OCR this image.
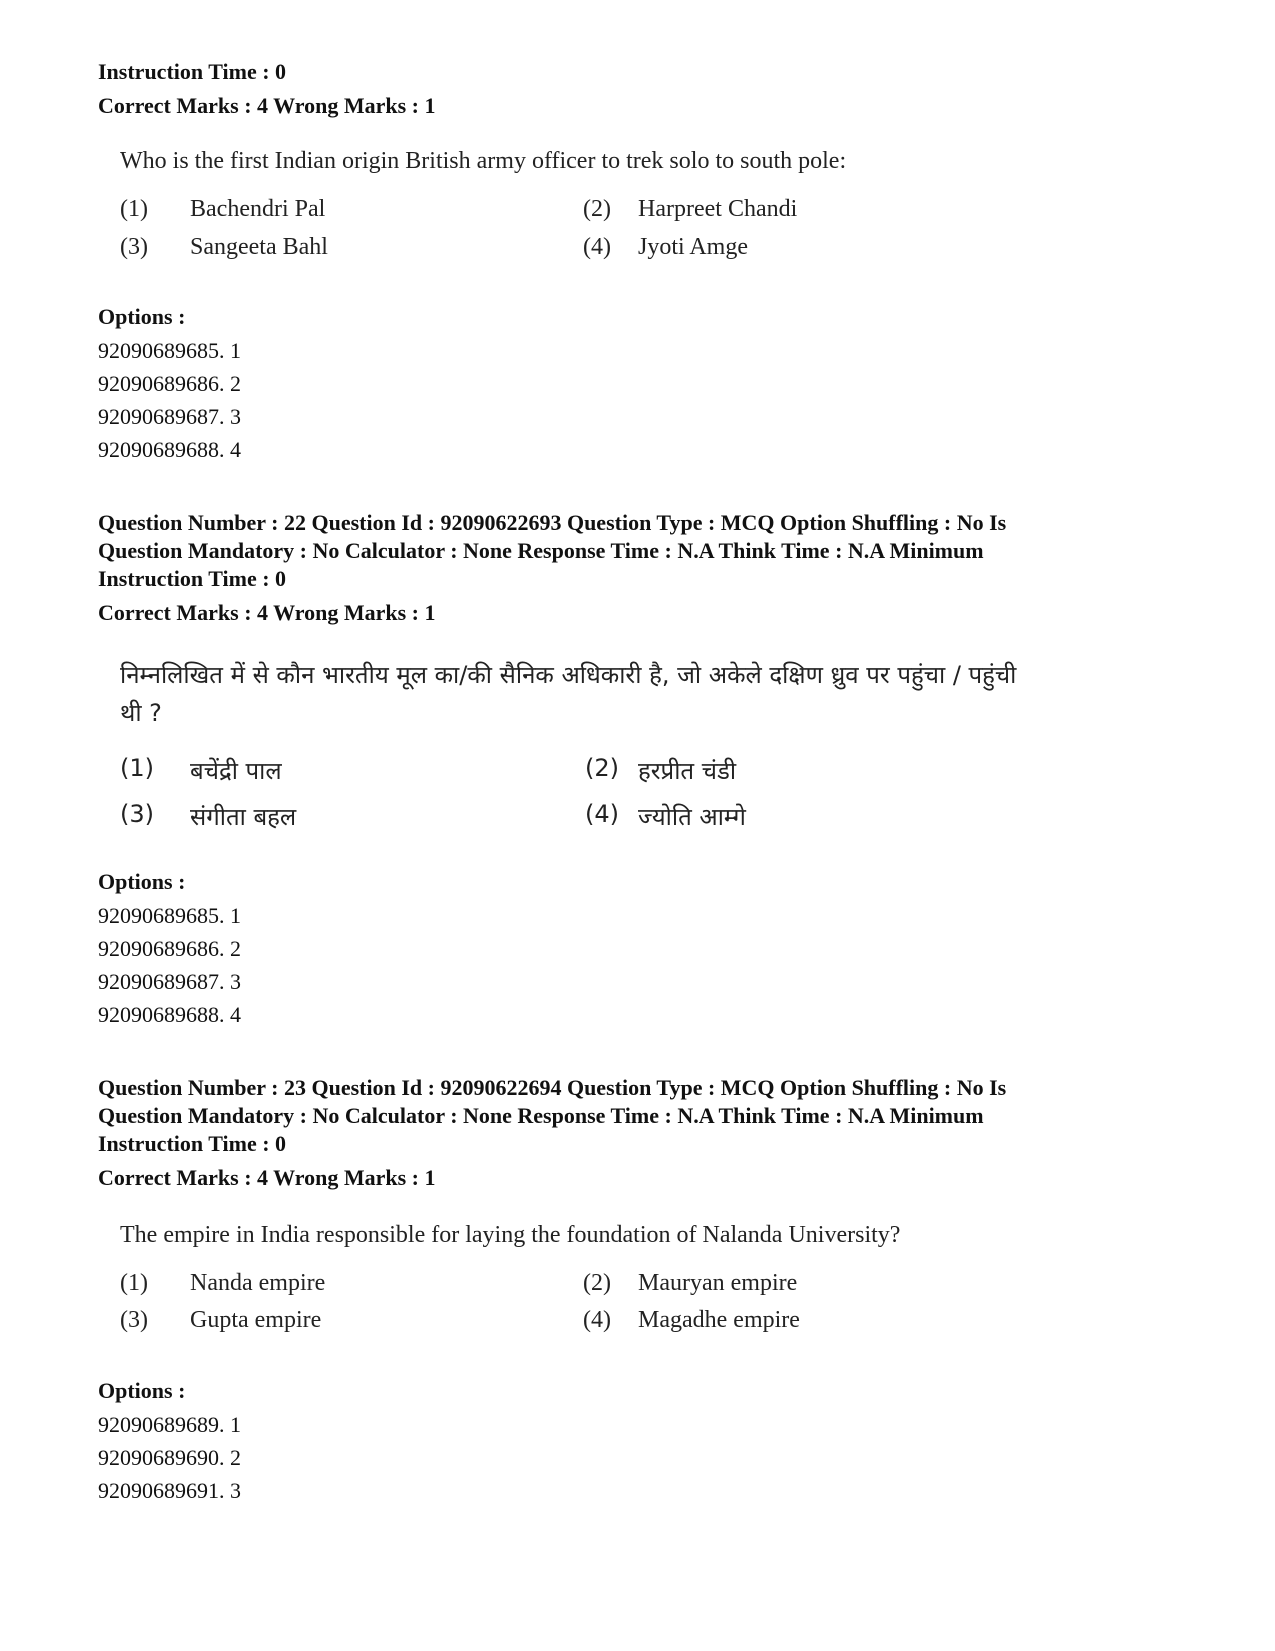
Instruction Time : 0

Correct Marks : 4 Wrong Marks : 1

Who is the first Indian origin British army officer to trek solo to south pole:
(1) Bachendri Pal	(2) Harpreet Chandi
(3) Sangeeta Bahl	(4) Jyoti Amge
Options :
92090689685. 1
92090689686. 2
92090689687. 3
92090689688. 4

Question Number : 22 Question Id : 92090622693 Question Type : MCQ Option Shuffling : No Is

Question Mandatory : No Calculator : None Response Time : N.A Think Time : N.A Minimum

Instruction Time : 0

Correct Marks : 4 Wrong Marks : 1

निम्नलिखित में से कौन भारतीय मूल का/की सैनिक अधिकारी है, जो अकेले दक्षिण ध्रुव पर पहुंचा / पहुंची
थी ?
(1) बचेंद्री पाल	(2) हरप्रीत चंडी
(3) संगीता बहल	(4) ज्योति आम्गे
Options :
92090689685. 1
92090689686. 2
92090689687. 3
92090689688. 4

Question Number : 23 Question Id : 92090622694 Question Type : MCQ Option Shuffling : No Is

Question Mandatory : No Calculator : None Response Time : N.A Think Time : N.A Minimum

Instruction Time : 0

Correct Marks : 4 Wrong Marks : 1

The empire in India responsible for laying the foundation of Nalanda University?
(1) Nanda empire	(2) Mauryan empire
(3) Gupta empire	(4) Magadhe empire
Options :
92090689689. 1
92090689690. 2
92090689691. 3
